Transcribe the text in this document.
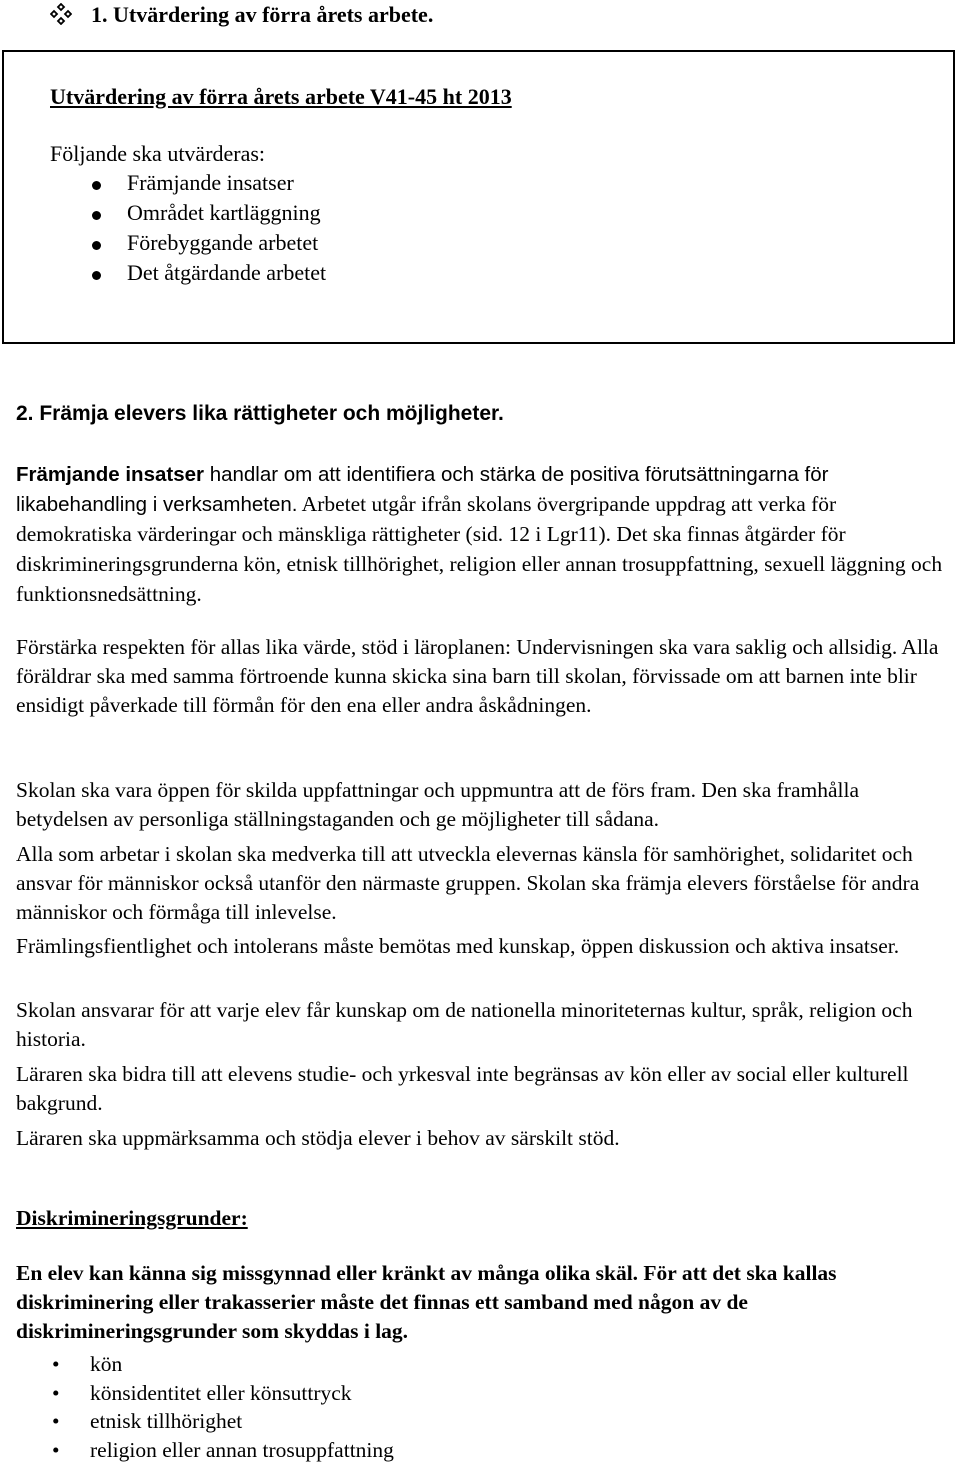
1. Utvärdering av förra årets arbete.
Utvärdering av förra årets arbete V41-45 ht 2013
Följande ska utvärderas:
Främjande insatser
Området kartläggning
Förebyggande arbetet
Det åtgärdande arbetet
2. Främja elevers lika rättigheter och möjligheter.
Främjande insatser handlar om att identifiera och stärka de positiva förutsättningarna för likabehandling i verksamheten. Arbetet utgår ifrån skolans övergripande uppdrag att verka för demokratiska värderingar och mänskliga rättigheter (sid. 12 i Lgr11). Det ska finnas åtgärder för diskrimineringsgrunderna kön, etnisk tillhörighet, religion eller annan trosuppfattning, sexuell läggning och funktionsnedsättning.
Förstärka respekten för allas lika värde, stöd i läroplanen: Undervisningen ska vara saklig och allsidig. Alla föräldrar ska med samma förtroende kunna skicka sina barn till skolan, förvissade om att barnen inte blir ensidigt påverkade till förmån för den ena eller andra åskådningen.
Skolan ska vara öppen för skilda uppfattningar och uppmuntra att de förs fram. Den ska framhålla betydelsen av personliga ställningstaganden och ge möjligheter till sådana.
Alla som arbetar i skolan ska medverka till att utveckla elevernas känsla för samhörighet, solidaritet och ansvar för människor också utanför den närmaste gruppen. Skolan ska främja elevers förståelse för andra människor och förmåga till inlevelse.
Främlingsfientlighet och intolerans måste bemötas med kunskap, öppen diskussion och aktiva insatser.
Skolan ansvarar för att varje elev får kunskap om de nationella minoriteternas kultur, språk, religion och historia.
Läraren ska bidra till att elevens studie- och yrkesval inte begränsas av kön eller av social eller kulturell bakgrund.
Läraren ska uppmärksamma och stödja elever i behov av särskilt stöd.
Diskrimineringsgrunder:
En elev kan känna sig missgynnad eller kränkt av många olika skäl. För att det ska kallas diskriminering eller trakasserier måste det finnas ett samband med någon av de diskrimineringsgrunder som skyddas i lag.
• kön
• könsidentitet eller könsuttryck
• etnisk tillhörighet
• religion eller annan trosuppfattning
